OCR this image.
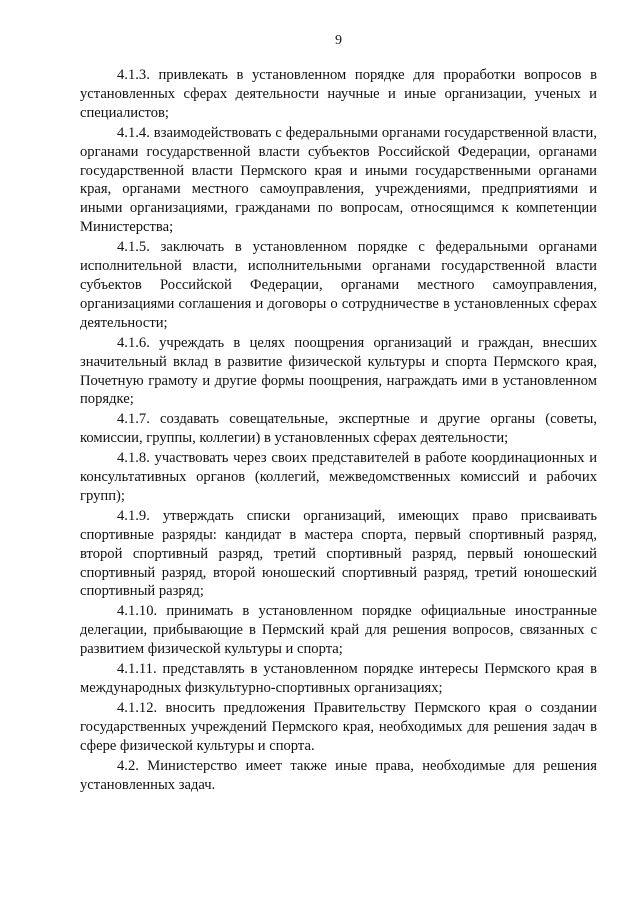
9

4.1.3. привлекать в установленном порядке для проработки вопросов в установленных сферах деятельности научные и иные организации, ученых и специалистов;

4.1.4. взаимодействовать с федеральными органами государственной власти, органами государственной власти субъектов Российской Федерации, органами государственной власти Пермского края и иными государственными органами края, органами местного самоуправления, учреждениями, предприятиями и иными организациями, гражданами по вопросам, относящимся к компетенции Министерства;

4.1.5. заключать в установленном порядке с федеральными органами исполнительной власти, исполнительными органами государственной власти субъектов Российской Федерации, органами местного самоуправления, организациями соглашения и договоры о сотрудничестве в установленных сферах деятельности;

4.1.6. учреждать в целях поощрения организаций и граждан, внесших значительный вклад в развитие физической культуры и спорта Пермского края, Почетную грамоту и другие формы поощрения, награждать ими в установленном порядке;

4.1.7. создавать совещательные, экспертные и другие органы (советы, комиссии, группы, коллегии) в установленных сферах деятельности;

4.1.8. участвовать через своих представителей в работе координационных и консультативных органов (коллегий, межведомственных комиссий и рабочих групп);

4.1.9. утверждать списки организаций, имеющих право присваивать спортивные разряды: кандидат в мастера спорта, первый спортивный разряд, второй спортивный разряд, третий спортивный разряд, первый юношеский спортивный разряд, второй юношеский спортивный разряд, третий юношеский спортивный разряд;

4.1.10. принимать в установленном порядке официальные иностранные делегации, прибывающие в Пермский край для решения вопросов, связанных с развитием физической культуры и спорта;

4.1.11. представлять в установленном порядке интересы Пермского края в международных физкультурно-спортивных организациях;

4.1.12. вносить предложения Правительству Пермского края о создании государственных учреждений Пермского края, необходимых для решения задач в сфере физической культуры и спорта.

4.2. Министерство имеет также иные права, необходимые для решения установленных задач.
